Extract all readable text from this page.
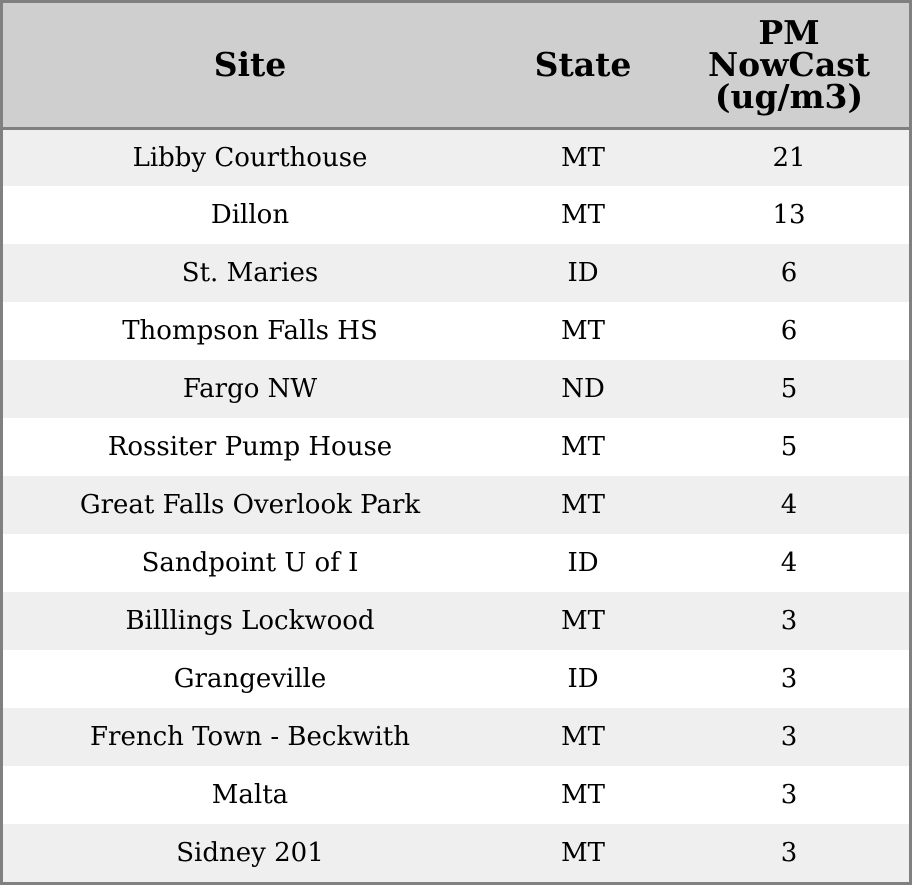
Site	State	PM
NowCast
(ug/m3)
Libby Courthouse	MT	21
Dillon	MT	13
St. Maries	ID	6
Thompson Falls HS	MT	6
Fargo NW	ND	5
Rossiter Pump House	MT	5
Great Falls Overlook Park	MT	4
Sandpoint U of I	ID	4
Billlings Lockwood	MT	3
Grangeville	ID	3
French Town - Beckwith	MT	3
Malta	MT	3
Sidney 201	MT	3
